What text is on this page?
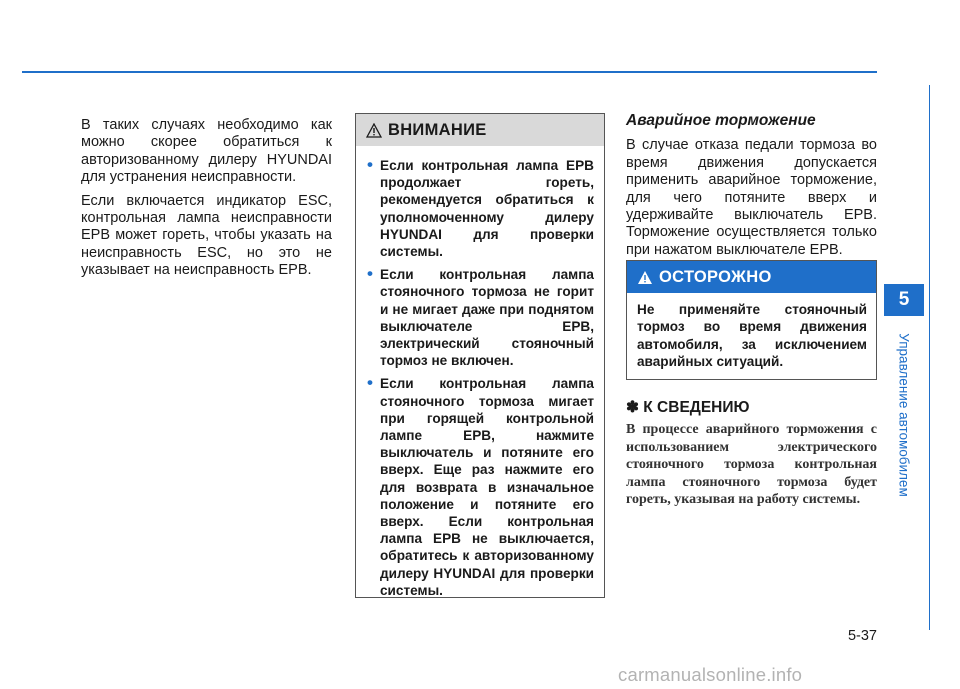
В таких случаях необходимо как можно скорее обратиться к авторизованному дилеру HYUNDAI для устранения неисправности.

Если включается индикатор ESC, контрольная лампа неисправности EPB может гореть, чтобы указать на неисправность ESC, но это не указывает на неисправность EPB.

ВНИМАНИЕ
• Если контрольная лампа EPB продолжает гореть, рекомендуется обратиться к уполномоченному дилеру HYUNDAI для проверки системы.
• Если контрольная лампа стояночного тормоза не горит и не мигает даже при поднятом выключателе EPB, электрический стояночный тормоз не включен.
• Если контрольная лампа стояночного тормоза мигает при горящей контрольной лампе EPB, нажмите выключатель и потяните его вверх. Еще раз нажмите его для возврата в изначальное положение и потяните его вверх. Если контрольная лампа EPB не выключается, обратитесь к авторизованному дилеру HYUNDAI для проверки системы.
Аварийное торможение

В случае отказа педали тормоза во время движения допускается применить аварийное торможение, для чего потяните вверх и удерживайте выключатель EPB. Торможение осуществляется только при нажатом выключателе EPB.

ОСТОРОЖНО
Не применяйте стояночный тормоз во время движения автомобиля, за исключением аварийных ситуаций.
✽ К СВЕДЕНИЮ
В процессе аварийного торможения с использованием электрического стояночного тормоза контрольная лампа стояночного тормоза будет гореть, указывая на работу системы.
5
Управление автомобилем
5-37
carmanualsonline.info
